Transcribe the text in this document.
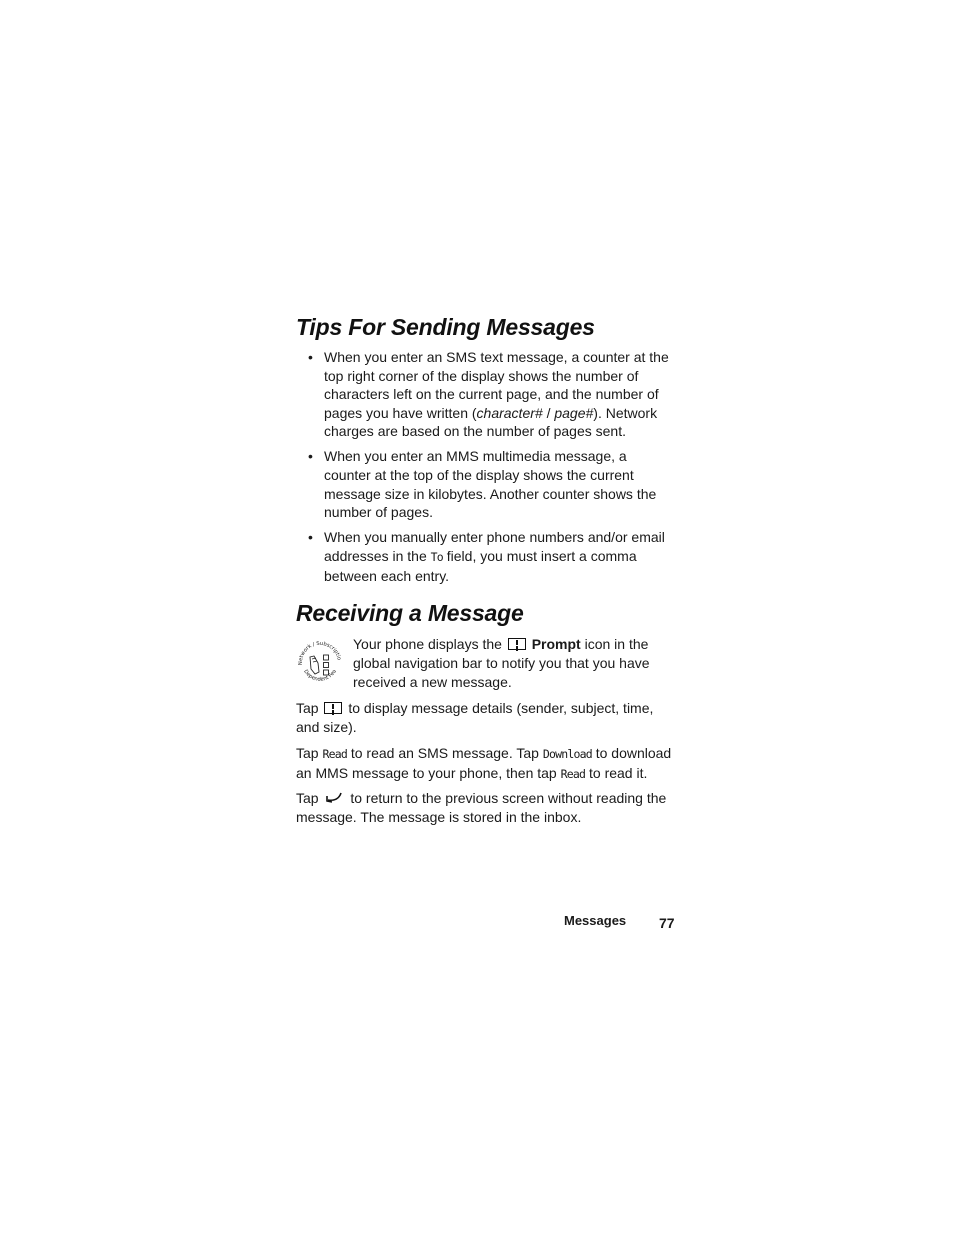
Tips For Sending Messages
• When you enter an SMS text message, a counter at the top right corner of the display shows the number of characters left on the current page, and the number of pages you have written (character# / page#). Network charges are based on the number of pages sent.
• When you enter an MMS multimedia message, a counter at the top of the display shows the current message size in kilobytes. Another counter shows the number of pages.
• When you manually enter phone numbers and/or email addresses in the To field, you must insert a comma between each entry.
Receiving a Message
Network / Subscriptio
Dependent Fea
Your phone displays the
Prompt icon in the global navigation bar to notify you that you have received a new message.
Tap
to display message details (sender, subject, time, and size).
Tap Read to read an SMS message. Tap Download to download an MMS message to your phone, then tap Read to read it.
Tap  to return to the previous screen without reading the message. The message is stored in the inbox.
Messages 77
